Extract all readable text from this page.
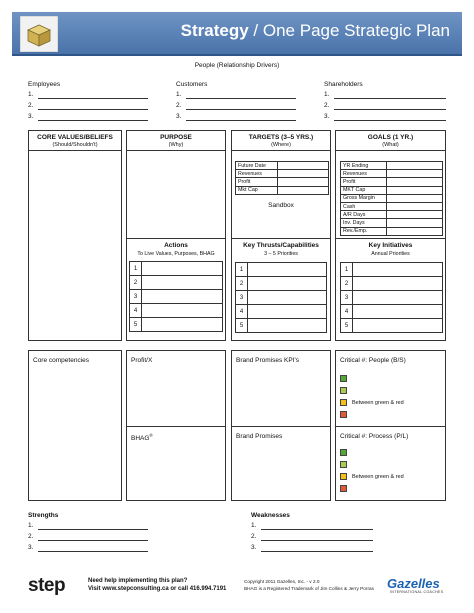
Strategy / One Page Strategic Plan
People (Relationship Drivers)
Employees	Customers	Shareholders
1.
2.
3.
1.
2.
3.
1.
2.
3.
CORE VALUES/BELIEFS
(Should/Shouldn't)
PURPOSE
(Why)
Actions
To Live Values, Purposes, BHAG
TARGETS (3–5 YRS.)
(Where)
Future Date	
Revenues	
Profit	
Mkt Cap	
Sandbox
Key Thrusts/Capabilities
3 – 5 Priorities
1	
2	
3	
4	
5	
GOALS (1 YR.)
(What)
YR Ending	
Revenues	
Profit	
MKT Cap	
Gross Margin	
Cash	
A/R Days	
Inv. Days	
Rev./Emp.	
Key Initiatives
Annual Priorities
1	
2	
3	
4	
5	
1	
2	
3	
4	
5	
Core competencies	Profit/X
BHAG®
Brand Promises KPI's
Brand Promises
Critical #: People (B/S)
Between green & red
Critical #: Process (P/L)
Between green & red
Strengths
1.
2.
3.
Weaknesses
1.
2.
3.
step	Need help implementing this plan?
Visit www.stepconsulting.ca or call 416.994.7191
Copyright 2011 Gazelles, Inc. - v 2.0
BHAG is a Registered Trademark of Jim Collins & Jerry Porras Gazelles
INTERNATIONAL COACHES
